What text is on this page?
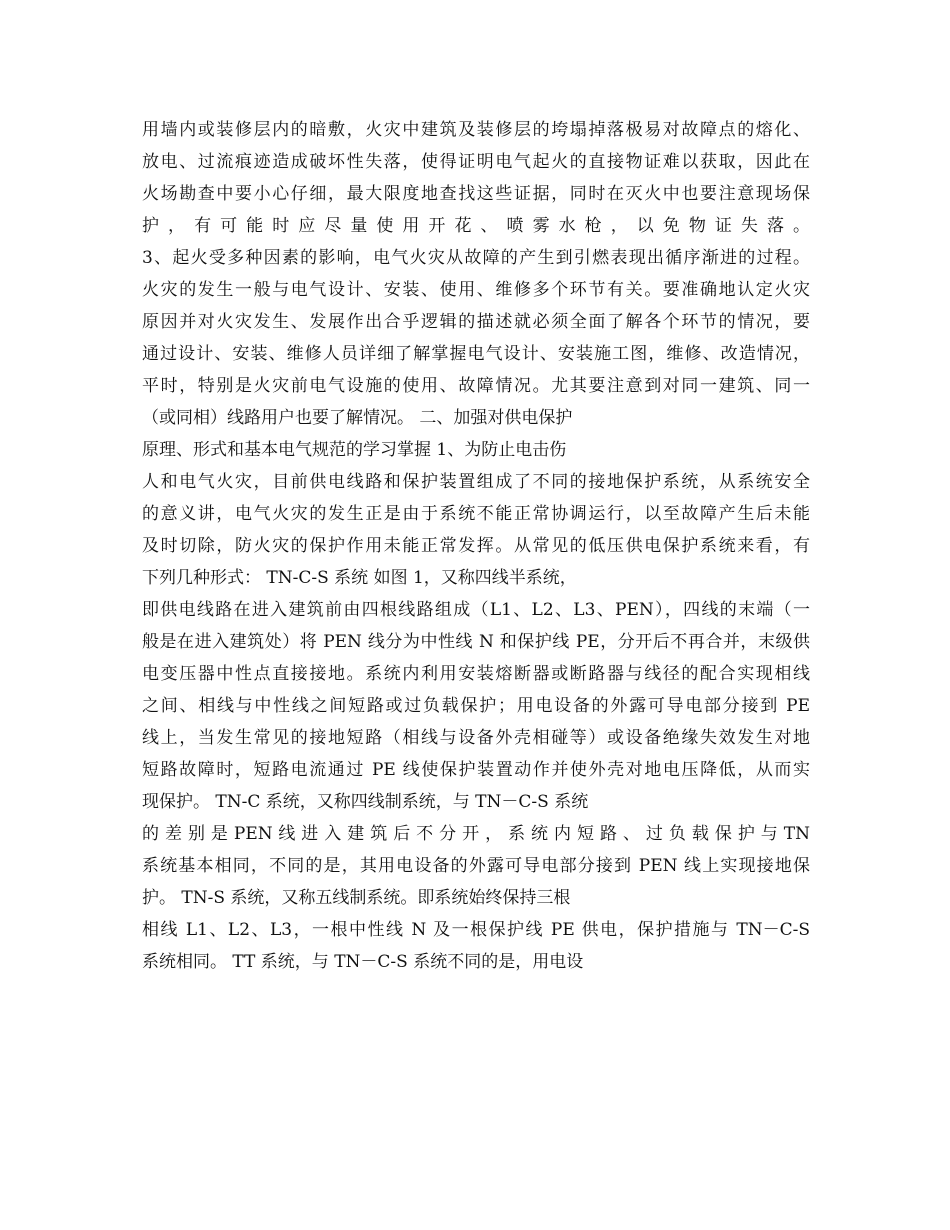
用墙内或装修层内的暗敷，火灾中建筑及装修层的垮塌掉落极易对故障点的熔化、
放电、过流痕迹造成破坏性失落，使得证明电气起火的直接物证难以获取，因此在
火场勘查中要小心仔细，最大限度地查找这些证据，同时在灭火中也要注意现场保
护 ， 有 可 能 时 应 尽 量 使 用 开 花 、 喷 雾 水 枪 ， 以 免 物 证 失 落 。
3、起火受多种因素的影响，电气火灾从故障的产生到引燃表现出循序渐进的过程。
火灾的发生一般与电气设计、安装、使用、维修多个环节有关。要准确地认定火灾
原因并对火灾发生、发展作出合乎逻辑的描述就必须全面了解各个环节的情况，要
通过设计、安装、维修人员详细了解掌握电气设计、安装施工图，维修、改造情况，
平时，特别是火灾前电气设施的使用、故障情况。尤其要注意到对同一建筑、同一
（或同相）线路用户也要了解情况。 二、加强对供电保护
原理、形式和基本电气规范的学习掌握 1、为防止电击伤
人和电气火灾，目前供电线路和保护装置组成了不同的接地保护系统，从系统安全
的意义讲，电气火灾的发生正是由于系统不能正常协调运行，以至故障产生后未能
及时切除，防火灾的保护作用未能正常发挥。从常见的低压供电保护系统来看，有
下列几种形式： TN-C-S 系统 如图 1，又称四线半系统，
即供电线路在进入建筑前由四根线路组成（L1、L2、L3、PEN），四线的末端（一
般是在进入建筑处）将 PEN 线分为中性线 N 和保护线 PE，分开后不再合并，末级供
电变压器中性点直接接地。系统内利用安装熔断器或断路器与线径的配合实现相线
之间、相线与中性线之间短路或过负载保护；用电设备的外露可导电部分接到 PE
线上，当发生常见的接地短路（相线与设备外壳相碰等）或设备绝缘失效发生对地
短路故障时，短路电流通过 PE 线使保护装置动作并使外壳对地电压降低，从而实
现保护。 TN-C 系统，又称四线制系统，与 TN－C-S 系统
的 差 别 是 PEN 线 进 入 建 筑 后 不 分 开 ， 系 统 内 短 路 、 过 负 载 保 护 与 TN
系统基本相同，不同的是，其用电设备的外露可导电部分接到 PEN 线上实现接地保
护。 TN-S 系统，又称五线制系统。即系统始终保持三根
相线 L1、L2、L3，一根中性线 N 及一根保护线 PE 供电，保护措施与 TN－C-S
系统相同。 TT 系统，与 TN－C-S 系统不同的是，用电设
